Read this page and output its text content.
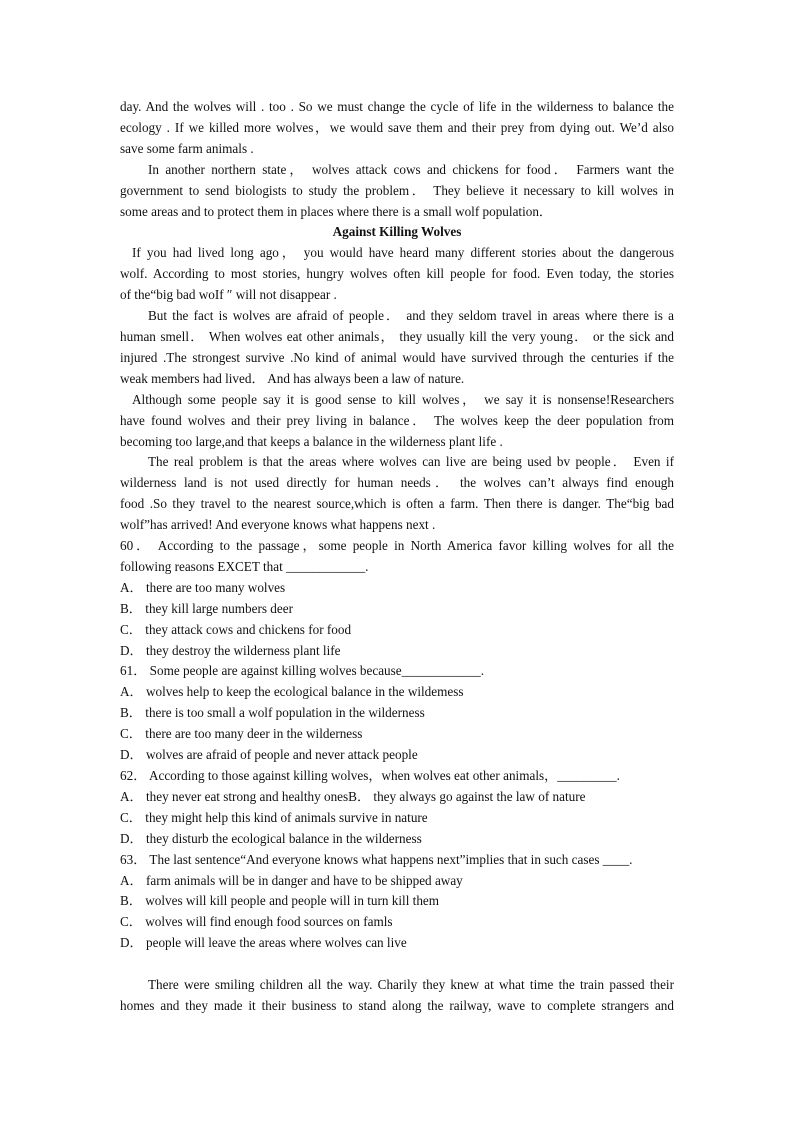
day. And the wolves will . too . So we must change the cycle of life in the wilderness to balance the

ecology . If we killed more wolves，we would save them and their prey from dying out. We’d also

save some farm animals .

In another northern state， wolves attack cows and chickens for food． Farmers want the

government to send biologists to study the problem． They believe it necessary to kill wolves in

some areas and to protect them in places where there is a small wolf population．

Against Killing Wolves

If you had lived long ago， you would have heard many different stories about the dangerous

wolf. According to most stories, hungry wolves often kill people for food. Even today, the stories

of the“big bad woIf ″ will not disappear .

But the fact is wolves are afraid of people． and they seldom travel in areas where there is a

human smell． When wolves eat other animals， they usually kill the very young． or the sick and

injured .The strongest survive .No kind of animal would have survived through the centuries if the

weak members had lived． And has always been a law of nature.

Although some people say it is good sense to kill wolves， we say it is nonsense!Researchers

have found wolves and their prey living in balance． The wolves keep the deer population from

becoming too large,and that keeps a balance in the wilderness plant life .

The real problem is that the areas where wolves can live are being used bv people． Even if

wilderness land is not used directly for human needs． the wolves can’t always find enough

food .So they travel to the nearest source,which is often a farm. Then there is danger. The“big bad

wolf”has arrived! And everyone knows what happens next .

60． According to the passage，some people in North America favor killing wolves for all the

following reasons EXCET that ____________.

A． there are too many wolves

B． they kill large numbers deer

C． they attack cows and chickens for food

D． they destroy the wilderness plant life

61． Some people are against killing wolves because____________.

A． wolves help to keep the ecological balance in the wildemess

B． there is too small a wolf population in the wilderness

C． there are too many deer in the wilderness

D． wolves are afraid of people and never attack people

62． According to those against killing wolves，when wolves eat other animals，_________.

A． they never eat strong and healthy onesB． they always go against the law of nature

C． they might help this kind of animals survive in nature

D． they disturb the ecological balance in the wilderness

63． The last sentence“And everyone knows what happens next”implies that in such cases ____.

A． farm animals will be in danger and have to be shipped away

B． wolves will kill people and people will in turn kill them

C． wolves will find enough food sources on famls

D． people will leave the areas where wolves can live

There were smiling children all the way. Charily they knew at what time the train passed their

homes and they made it their business to stand along the railway, wave to complete strangers and
